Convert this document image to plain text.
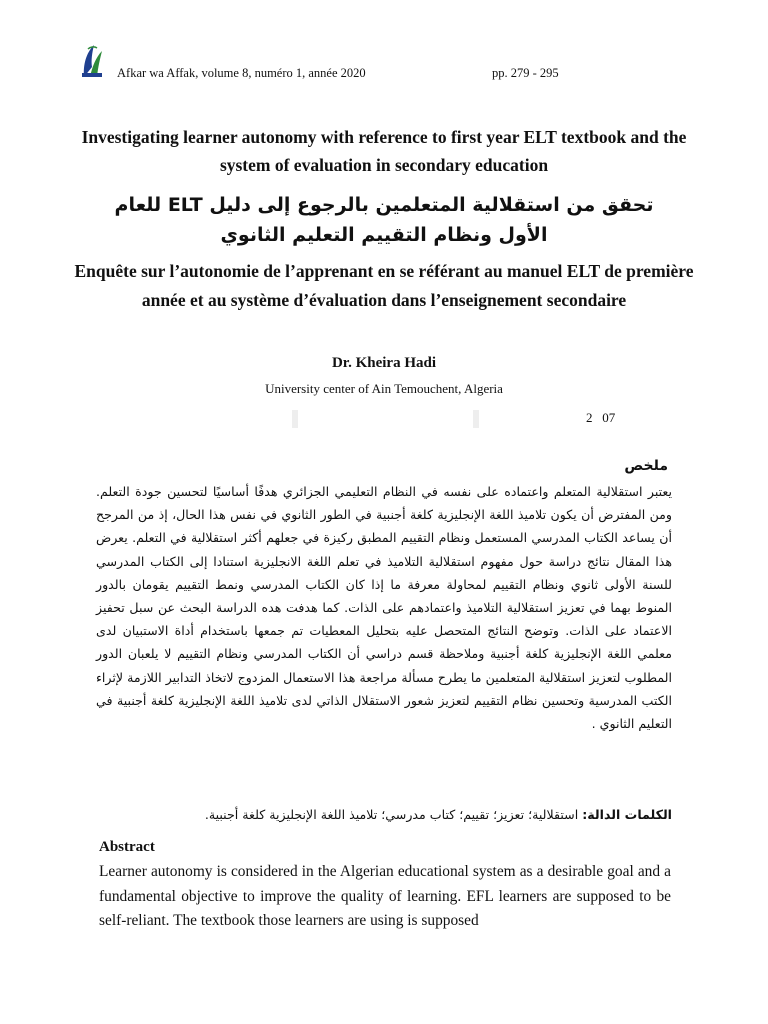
Afkar wa Affak, volume 8, numéro 1, année 2020	pp. 279 - 295
Investigating learner autonomy with reference to first year ELT textbook and the system of evaluation in secondary education
تحقق من استقلالية المتعلمين بالرجوع إلى دليل ELT للعام الأول ونظام التقييم التعليم الثانوي
Enquête sur l’autonomie de l’apprenant en se référant au manuel ELT de première année et au système d’évaluation dans l’enseignement secondaire
Dr. Kheira Hadi
University center of Ain Temouchent, Algeria
2   07
ملخص
يعتبر استقلالية المتعلم واعتماده على نفسه في النظام التعليمي الجزائري هدفًا أساسيًا لتحسين جودة التعلم. ومن المفترض أن يكون تلاميذ اللغة الإنجليزية كلغة أجنبية في الطور الثانوي في نفس هذا الحال، إذ من المرجح أن يساعد الكتاب المدرسي المستعمل ونظام التقييم المطبق ركيزة في جعلهم أكثر استقلالية في التعلم. يعرض هذا المقال نتائج دراسة حول مفهوم استقلالية التلاميذ في تعلم اللغة الانجليزية استنادا إلى الكتاب المدرسي للسنة الأولى ثانوي ونظام التقييم لمحاولة معرفة ما إذا كان الكتاب المدرسي ونمط التقييم يقومان بالدور المنوط بهما في تعزيز استقلالية التلاميذ واعتمادهم على الذات. كما هدفت هده الدراسة البحث عن سبل تحفيز الاعتماد على الذات. وتوضح النتائج المتحصل عليه بتحليل المعطيات تم جمعها باستخدام أداة الاستبيان لدى معلمي اللغة الإنجليزية كلغة أجنبية وملاحظة قسم دراسي أن الكتاب المدرسي ونظام التقييم لا يلعبان الدور المطلوب لتعزيز استقلالية المتعلمين ما يطرح مسألة مراجعة هذا الاستعمال المزدوج لاتخاذ التدابير اللازمة لإثراء الكتب المدرسية وتحسين نظام التقييم لتعزيز شعور الاستقلال الذاتي لدى تلاميذ اللغة الإنجليزية كلغة أجنبية في التعليم الثانوي .
الكلمات الدالة: استقلالية؛ تعزيز؛ تقييم؛ كتاب مدرسي؛ تلاميذ اللغة الإنجليزية كلغة أجنبية.
Abstract
Learner autonomy is considered in the Algerian educational system as a desirable goal and a fundamental objective to improve the quality of learning. EFL learners are supposed to be self-reliant. The textbook those learners are using is supposed
